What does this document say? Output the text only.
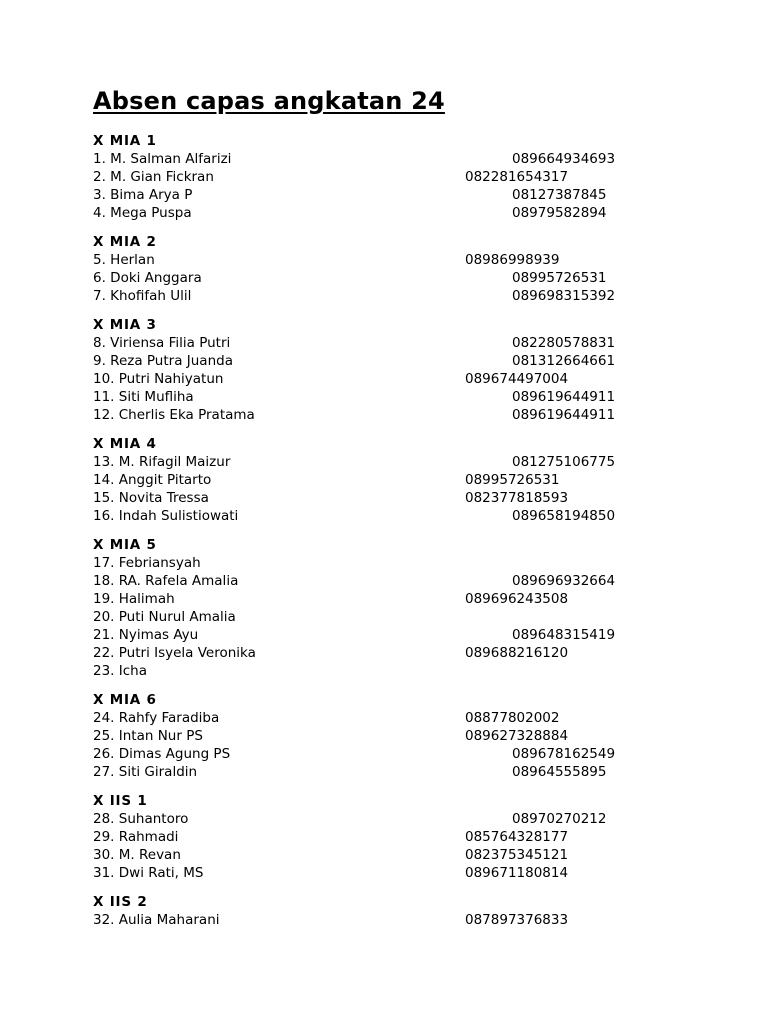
Absen capas angkatan 24
X MIA 1
1. M. Salman Alfarizi	089664934693
2. M. Gian Fickran	082281654317
3. Bima Arya P	08127387845
4. Mega Puspa	08979582894
X MIA 2
5. Herlan	08986998939
6. Doki Anggara	08995726531
7. Khofifah Ulil	089698315392
X MIA 3
8. Viriensa Filia Putri	082280578831
9. Reza Putra Juanda	081312664661
10. Putri Nahiyatun	089674497004
11. Siti Mufliha	089619644911
12. Cherlis Eka Pratama	089619644911
X MIA 4
13. M. Rifagil Maizur	081275106775
14. Anggit Pitarto	08995726531
15. Novita Tressa	082377818593
16. Indah Sulistiowati	089658194850
X MIA 5
17. Febriansyah
18. RA. Rafela Amalia	089696932664
19. Halimah	089696243508
20. Puti Nurul Amalia
21. Nyimas Ayu	089648315419
22. Putri Isyela Veronika	089688216120
23. Icha
X MIA 6
24. Rahfy Faradiba	08877802002
25. Intan Nur PS	089627328884
26. Dimas Agung PS	089678162549
27. Siti Giraldin	08964555895
X IIS 1
28. Suhantoro	08970270212
29. Rahmadi	085764328177
30. M. Revan	082375345121
31. Dwi Rati, MS	089671180814
X IIS 2
32. Aulia Maharani	087897376833
